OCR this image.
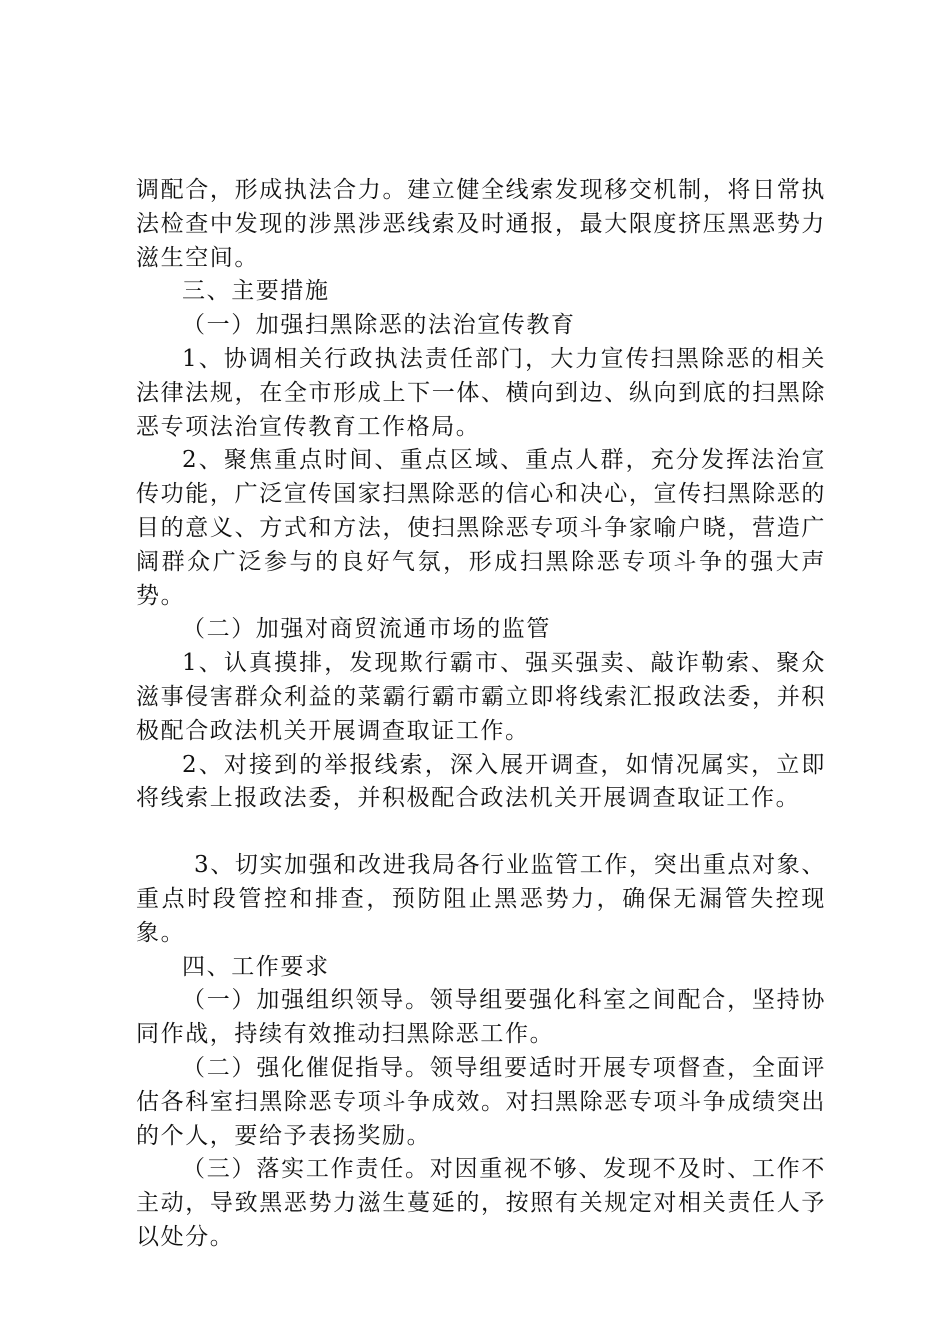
调配合，形成执法合力。建立健全线索发现移交机制，将日常执法检查中发现的涉黑涉恶线索及时通报，最大限度挤压黑恶势力滋生空间。

三、主要措施

（一）加强扫黑除恶的法治宣传教育

1、协调相关行政执法责任部门，大力宣传扫黑除恶的相关法律法规，在全市形成上下一体、横向到边、纵向到底的扫黑除恶专项法治宣传教育工作格局。

2、聚焦重点时间、重点区域、重点人群，充分发挥法治宣传功能，广泛宣传国家扫黑除恶的信心和决心，宣传扫黑除恶的目的意义、方式和方法，使扫黑除恶专项斗争家喻户晓，营造广阔群众广泛参与的良好气氛，形成扫黑除恶专项斗争的强大声势。

（二）加强对商贸流通市场的监管

1、认真摸排，发现欺行霸市、强买强卖、敲诈勒索、聚众滋事侵害群众利益的菜霸行霸市霸立即将线索汇报政法委，并积极配合政法机关开展调查取证工作。

2、对接到的举报线索，深入展开调查，如情况属实，立即将线索上报政法委，并积极配合政法机关开展调查取证工作。

3、切实加强和改进我局各行业监管工作，突出重点对象、重点时段管控和排查，预防阻止黑恶势力，确保无漏管失控现象。

四、工作要求

（一）加强组织领导。领导组要强化科室之间配合，坚持协同作战，持续有效推动扫黑除恶工作。

（二）强化催促指导。领导组要适时开展专项督查，全面评估各科室扫黑除恶专项斗争成效。对扫黑除恶专项斗争成绩突出的个人，要给予表扬奖励。

（三）落实工作责任。对因重视不够、发现不及时、工作不主动，导致黑恶势力滋生蔓延的，按照有关规定对相关责任人予以处分。
